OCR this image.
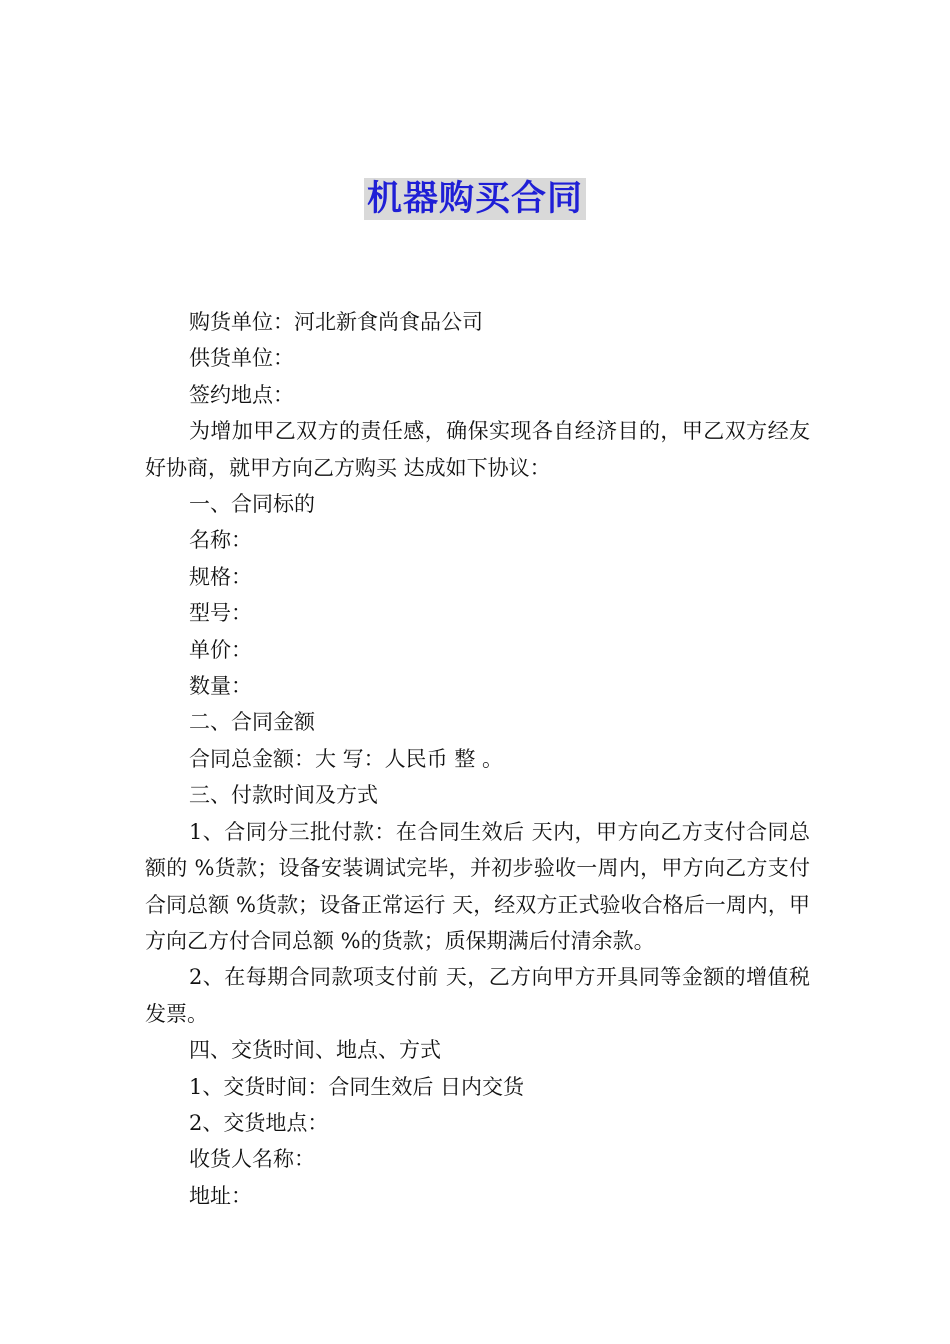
机器购买合同

购货单位：河北新食尚食品公司

供货单位：

签约地点：

为增加甲乙双方的责任感，确保实现各自经济目的，甲乙双方经友好协商，就甲方向乙方购买 达成如下协议：

一、合同标的

名称：

规格：

型号：

单价：

数量：

二、合同金额

合同总金额：大 写：人民币 整 。

三、付款时间及方式

1、合同分三批付款：在合同生效后 天内，甲方向乙方支付合同总额的 %货款；设备安装调试完毕，并初步验收一周内，甲方向乙方支付合同总额 %货款；设备正常运行 天，经双方正式验收合格后一周内，甲方向乙方付合同总额 %的货款；质保期满后付清余款。

2、在每期合同款项支付前 天，乙方向甲方开具同等金额的增值税发票。

四、交货时间、地点、方式

1、交货时间：合同生效后 日内交货

2、交货地点：

收货人名称：

地址：
